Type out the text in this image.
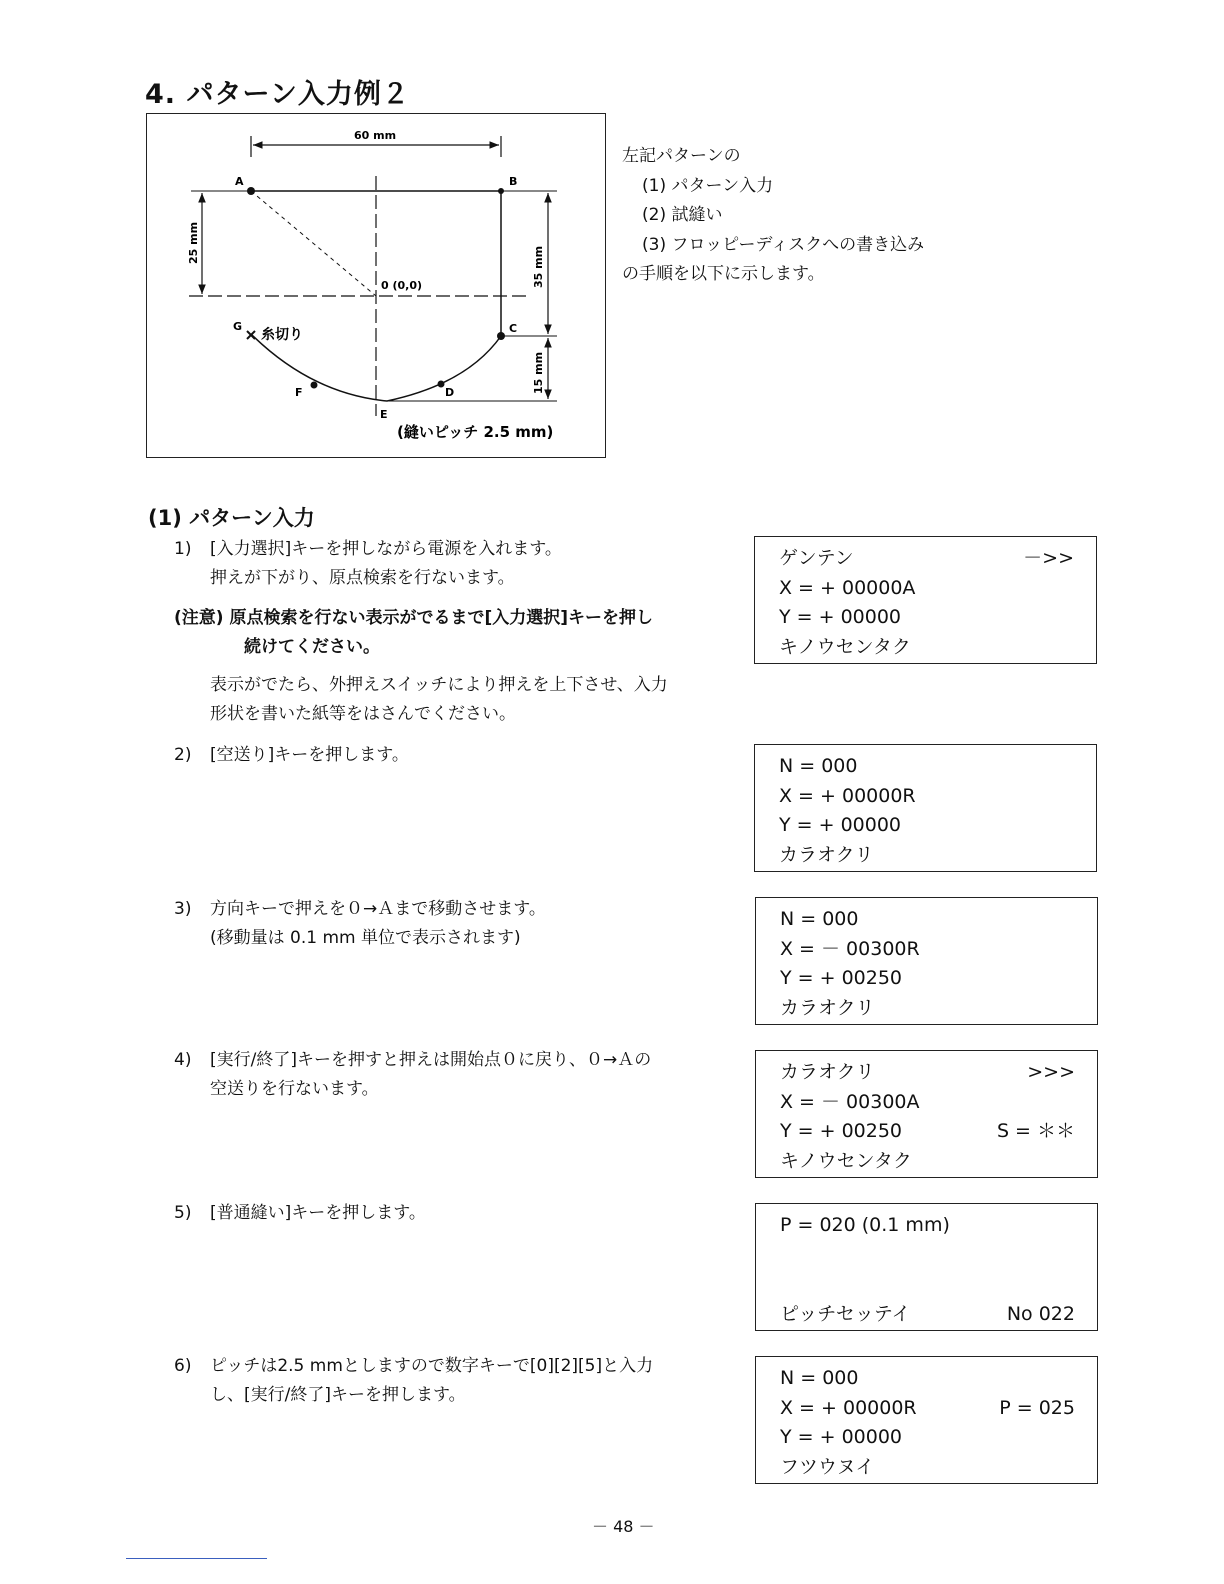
4. パターン入力例２
60 mm
25 mm
35 mm
15 mm
A	B
C
D
E
F
G
0 (0,0)
糸切り
(縫いピッチ 2.5 mm)
左記パターンの
(1) パターン入力
(2) 試縫い
(3) フロッピーディスクへの書き込み
の手順を以下に示します。
(1) パターン入力
1) [入力選択]キーを押しながら電源を入れます。
押えが下がり、原点検索を行ないます。
(注意) 原点検索を行ない表示がでるまで[入力選択]キーを押し
続けてください。
表示がでたら、外押えスイッチにより押えを上下させ、入力
形状を書いた紙等をはさんでください。
2) [空送り]キーを押します。
3) 方向キーで押えを０→Ａまで移動させます。
(移動量は 0.1 mm 単位で表示されます)
4) [実行/終了]キーを押すと押えは開始点０に戻り、０→Ａの
空送りを行ないます。
5) [普通縫い]キーを押します。
6) ピッチは2.5 mmとしますので数字キーで[0][2][5]と入力
し、[実行/終了]キーを押します。
ゲンテン	－>>
X = + 00000A
Y = + 00000
キノウセンタク
N = 000
X = + 00000R
Y = + 00000
カラオクリ
N = 000
X = － 00300R
Y = + 00250
カラオクリ
カラオクリ	>>>
X = － 00300A
Y = + 00250	S = ＊＊
キノウセンタク
P = 020 (0.1 mm)
ピッチセッテイ	No 022
N = 000
X = + 00000R	P = 025
Y = + 00000
フツウヌイ
－ 48 －
